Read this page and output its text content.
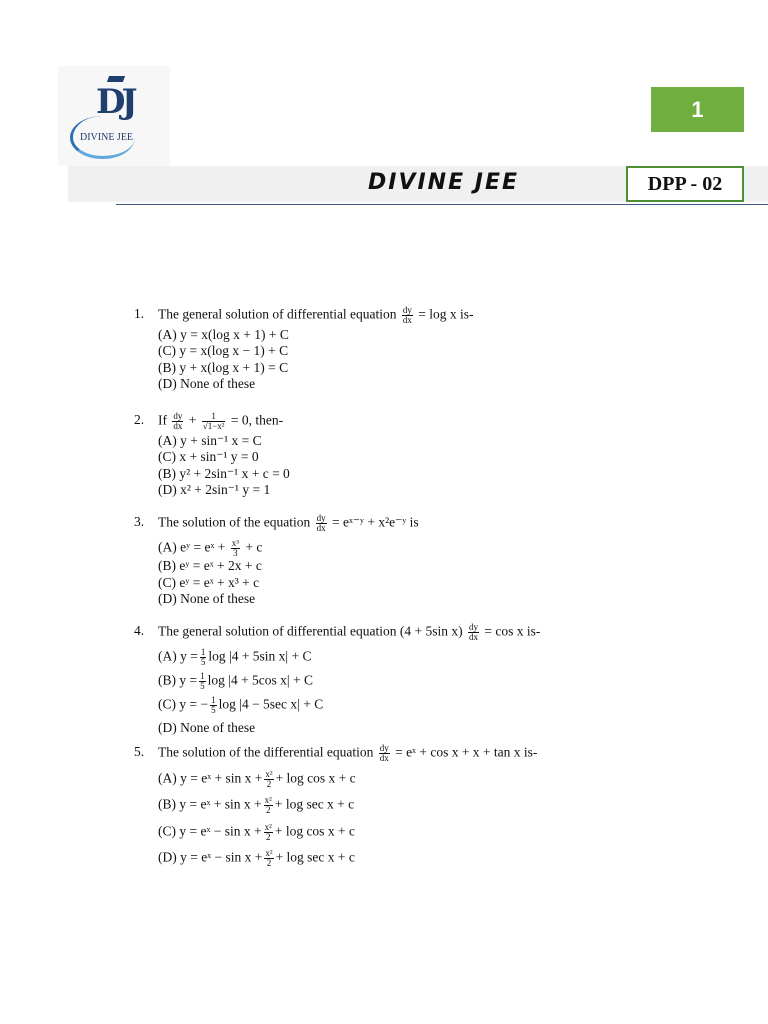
DJ
DIVINE JEE
1
DIVINE JEE	DPP - 02
1.	The general solution of differential equation $\frac{dy}{dx} = \log x$ is-
(A) y = x(log x + 1) + C
(C) y = x(log x − 1) + C
(B) y + x(log x + 1) = C
(D) None of these
2.	If $\frac{dy}{dx} + \frac{1}{\text{√1−x²}} = 0$, then-
(A) y + sin⁻¹ x = C
(C) x + sin⁻¹ y = 0
(B) y² + 2sin⁻¹ x + c = 0
(D) x² + 2sin⁻¹ y = 1
3.	The solution of the equation $\frac{dy}{dx}$ = eˣ⁻ʸ + x²e⁻ʸ is
(A) eʸ = eˣ + $\frac{\text{x³}}{3} + c$
(B) eʸ = eˣ + 2x + c
(C) eʸ = eˣ + x³ + c
(D) None of these
4.	The general solution of differential equation (4 + 5sin $x) \frac{dy}{dx} = \cos x$ is-
(A) $y = \frac{1}{5}$ log |4 + 5sin x| + C
(B) $y = \frac{1}{5}$ log |4 + 5cos x| + C
(C) y = − $\frac{1}{5}$ log |4 − 5sec x| + C
(D) None of these
5.	The solution of the differential equation $\frac{dy}{dx}$ = eˣ + cos x + x + tan x is-
(A) y = eˣ + $\sin x + \frac{\text{x²}}{2} + \log \cos x + c$
(B) y = eˣ + $\sin x + \frac{\text{x²}}{2} + \log \sec x + c$
(C) y = eˣ − $\sin x + \frac{\text{x²}}{2} + \log \cos x + c$
(D) y = eˣ − $\sin x + \frac{\text{x²}}{2} + \log \sec x + c$
